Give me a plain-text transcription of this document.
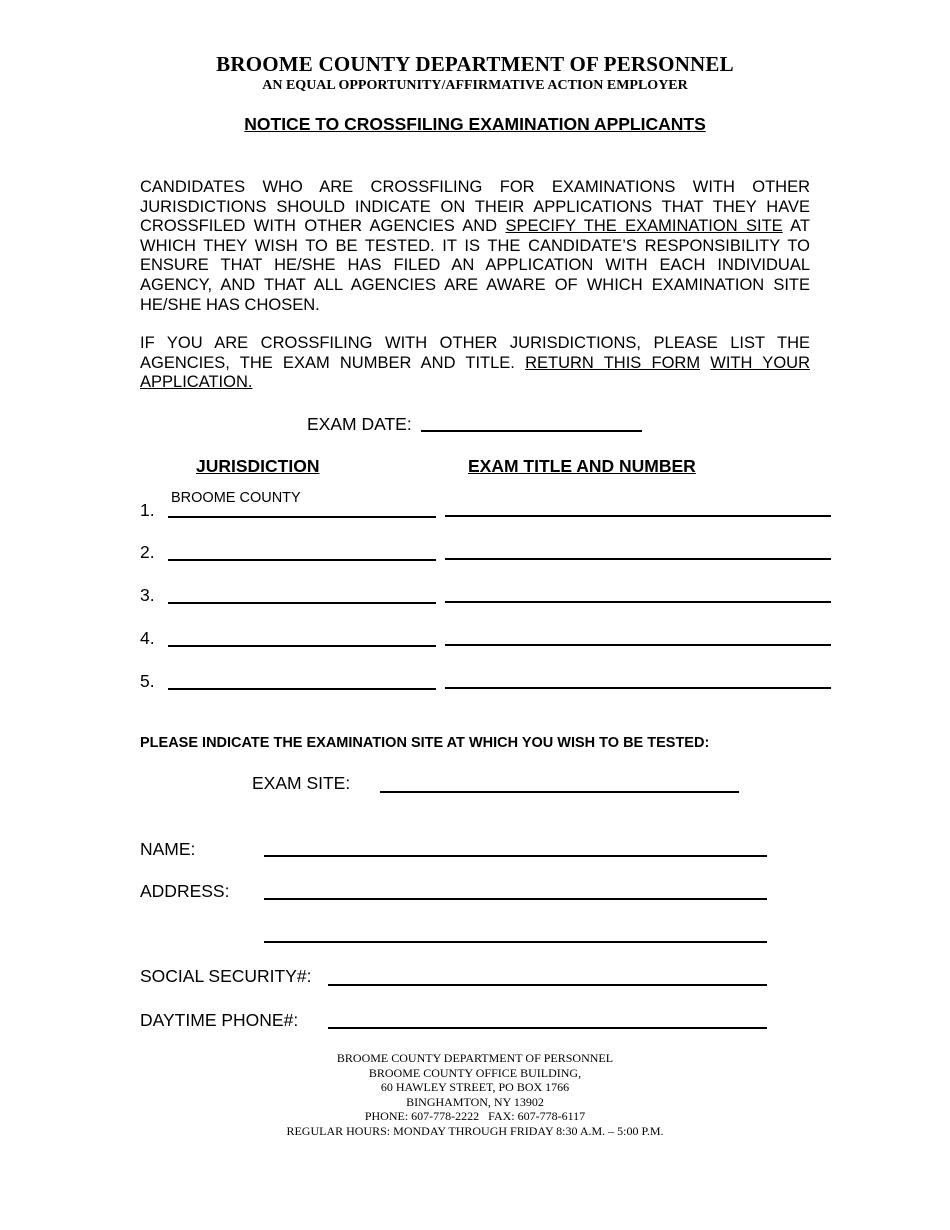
BROOME COUNTY DEPARTMENT OF PERSONNEL
AN EQUAL OPPORTUNITY/AFFIRMATIVE ACTION EMPLOYER
NOTICE TO CROSSFILING EXAMINATION APPLICANTS
CANDIDATES WHO ARE CROSSFILING FOR EXAMINATIONS WITH OTHER JURISDICTIONS SHOULD INDICATE ON THEIR APPLICATIONS THAT THEY HAVE CROSSFILED WITH OTHER AGENCIES AND SPECIFY THE EXAMINATION SITE AT WHICH THEY WISH TO BE TESTED. IT IS THE CANDIDATE’S RESPONSIBILITY TO ENSURE THAT HE/SHE HAS FILED AN APPLICATION WITH EACH INDIVIDUAL AGENCY, AND THAT ALL AGENCIES ARE AWARE OF WHICH EXAMINATION SITE HE/SHE HAS CHOSEN.
IF YOU ARE CROSSFILING WITH OTHER JURISDICTIONS, PLEASE LIST THE AGENCIES, THE EXAM NUMBER AND TITLE. RETURN THIS FORM WITH YOUR APPLICATION.
EXAM DATE:
JURISDICTION	EXAM TITLE AND NUMBER
1.
BROOME COUNTY
2.
3.
4.
5.
PLEASE INDICATE THE EXAMINATION SITE AT WHICH YOU WISH TO BE TESTED:
EXAM SITE:
NAME:
ADDRESS:
SOCIAL SECURITY#:
DAYTIME PHONE#:
BROOME COUNTY DEPARTMENT OF PERSONNEL
BROOME COUNTY OFFICE BUILDING,
60 HAWLEY STREET, PO BOX 1766
BINGHAMTON, NY 13902
PHONE: 607-778-2222   FAX: 607-778-6117
REGULAR HOURS: MONDAY THROUGH FRIDAY 8:30 A.M. – 5:00 P.M.
